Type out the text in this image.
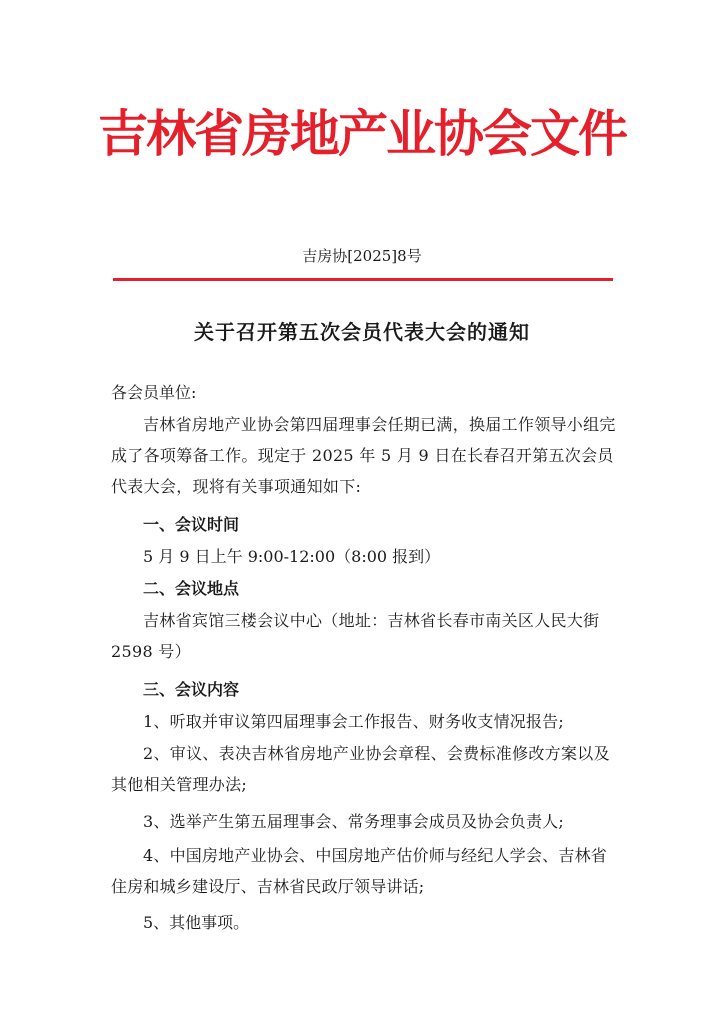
吉林省房地产业协会文件
吉房协[2025]8号
关于召开第五次会员代表大会的通知

各会员单位:

吉林省房地产业协会第四届理事会任期已满，换届工作领导小组完成了各项筹备工作。现定于 2025 年 5 月 9 日在长春召开第五次会员代表大会，现将有关事项通知如下:

一、会议时间

5 月 9 日上午 9:00-12:00（8:00 报到）

二、会议地点

吉林省宾馆三楼会议中心（地址：吉林省长春市南关区人民大街 2598 号）

三、会议内容

1、听取并审议第四届理事会工作报告、财务收支情况报告;

2、审议、表决吉林省房地产业协会章程、会费标准修改方案以及其他相关管理办法;

3、选举产生第五届理事会、常务理事会成员及协会负责人;

4、中国房地产业协会、中国房地产估价师与经纪人学会、吉林省住房和城乡建设厅、吉林省民政厅领导讲话;

5、其他事项。
